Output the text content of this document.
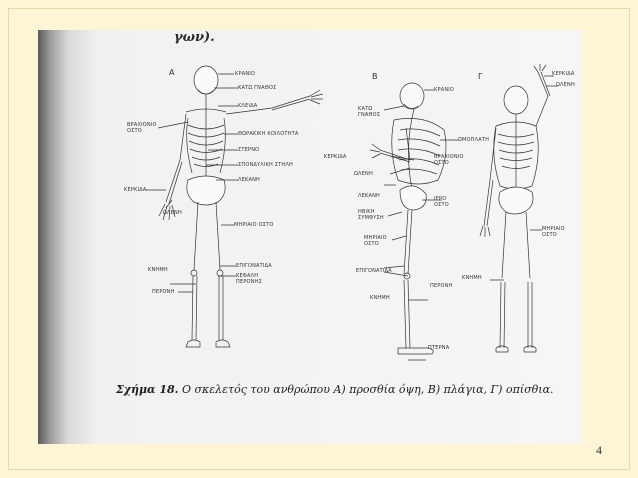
γων).
A	B	Γ
ΚΡΑΝΙΟ
ΚΑΤΩ ΓΝΑΘΟΣ
ΚΛΕΙΔΑ
ΒΡΑΧΙΟΝΙΟ ΟΣΤΟ	ΘΩΡΑΚΙΚΗ ΚΟΙΛΟΤΗΤΑ
ΣΤΕΡΝΟ
ΣΠΟΝΔΥΛΙΚΗ ΣΤΗΛΗ
ΛΕΚΑΝΗ
ΚΕΡΚΙΔΑ
ΩΛΕΝΗ
ΜΗΡΙΑΙΟ ΟΣΤΟ
ΕΠΙΓΟΝΑΤΙΔΑ
ΚΝΗΜΗ
ΚΕΦΑΛΗ ΠΕΡΟΝΗΣ
ΠΕΡΟΝΗ
ΚΡΑΝΙΟ
ΚΑΤΩ ΓΝΑΘΟΣ
ΩΜΟΠΛΑΤΗ
ΚΕΡΚΙΔΑ	ΒΡΑΧΙΟΝΙΟ ΟΣΤΟ
ΩΛΕΝΗ
ΛΕΚΑΝΗ	ΙΕΡΟ ΟΣΤΟ
ΗΒΙΚΗ ΣΥΜΦΥΣΗ
ΜΗΡΙΑΙΟ ΟΣΤΟ
ΕΠΙΓΟΝΑΤΙΔΑ
ΚΝΗΜΗ
ΠΕΡΟΝΗ
ΠΤΕΡΝΑ
ΚΕΡΚΙΔΑ
ΩΛΕΝΗ
ΜΗΡΙΑΙΟ ΟΣΤΟ
ΚΝΗΜΗ
Σχήμα 18. Ο σκελετός του ανθρώπου Α) προσθία όψη, Β) πλάγια, Γ) οπίσθια.
4
